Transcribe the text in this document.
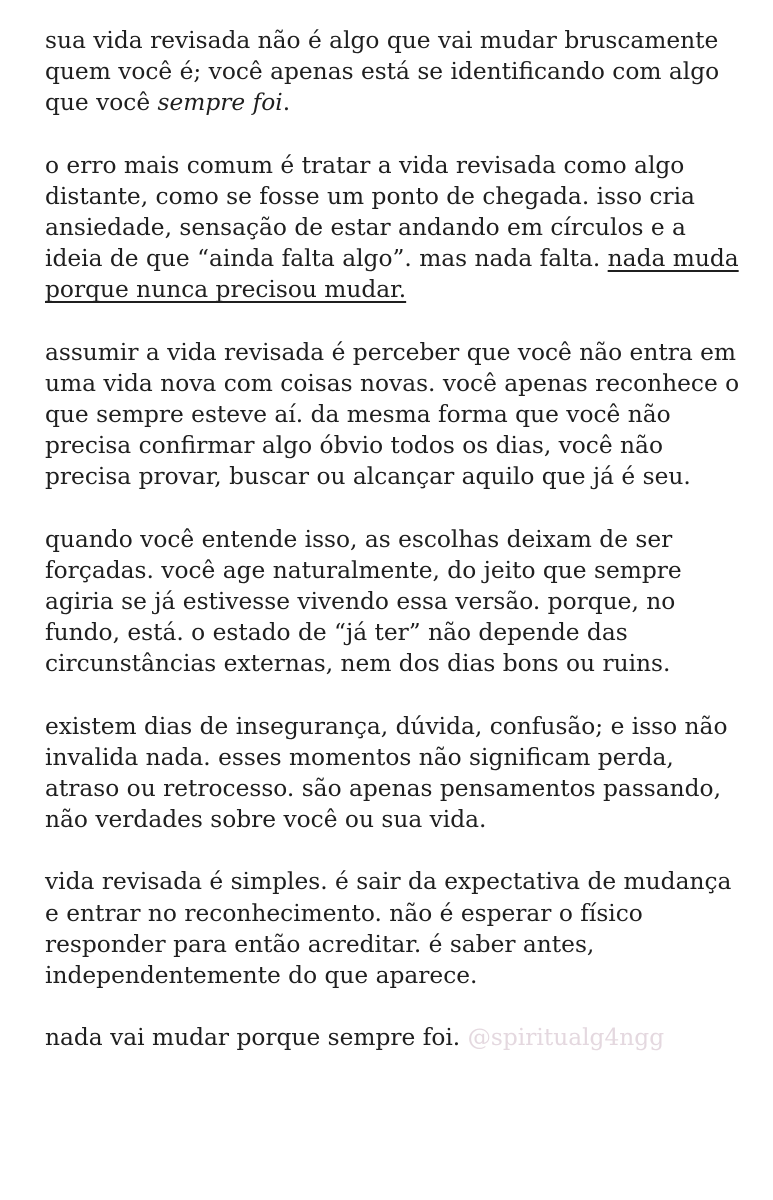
sua vida revisada não é algo que vai mudar bruscamente quem você é; você apenas está se identificando com algo que você sempre foi.

o erro mais comum é tratar a vida revisada como algo distante, como se fosse um ponto de chegada. isso cria ansiedade, sensação de estar andando em círculos e a ideia de que “ainda falta algo”. mas nada falta. nada muda porque nunca precisou mudar.

assumir a vida revisada é perceber que você não entra em uma vida nova com coisas novas. você apenas reconhece o que sempre esteve aí. da mesma forma que você não precisa confirmar algo óbvio todos os dias, você não precisa provar, buscar ou alcançar aquilo que já é seu.

quando você entende isso, as escolhas deixam de ser forçadas. você age naturalmente, do jeito que sempre agiria se já estivesse vivendo essa versão. porque, no fundo, está. o estado de “já ter” não depende das circunstâncias externas, nem dos dias bons ou ruins.

existem dias de insegurança, dúvida, confusão; e isso não invalida nada. esses momentos não significam perda, atraso ou retrocesso. são apenas pensamentos passando, não verdades sobre você ou sua vida.

vida revisada é simples. é sair da expectativa de mudança e entrar no reconhecimento. não é esperar o físico responder para então acreditar. é saber antes, independentemente do que aparece.

nada vai mudar porque sempre foi. @spiritualg4ngg
